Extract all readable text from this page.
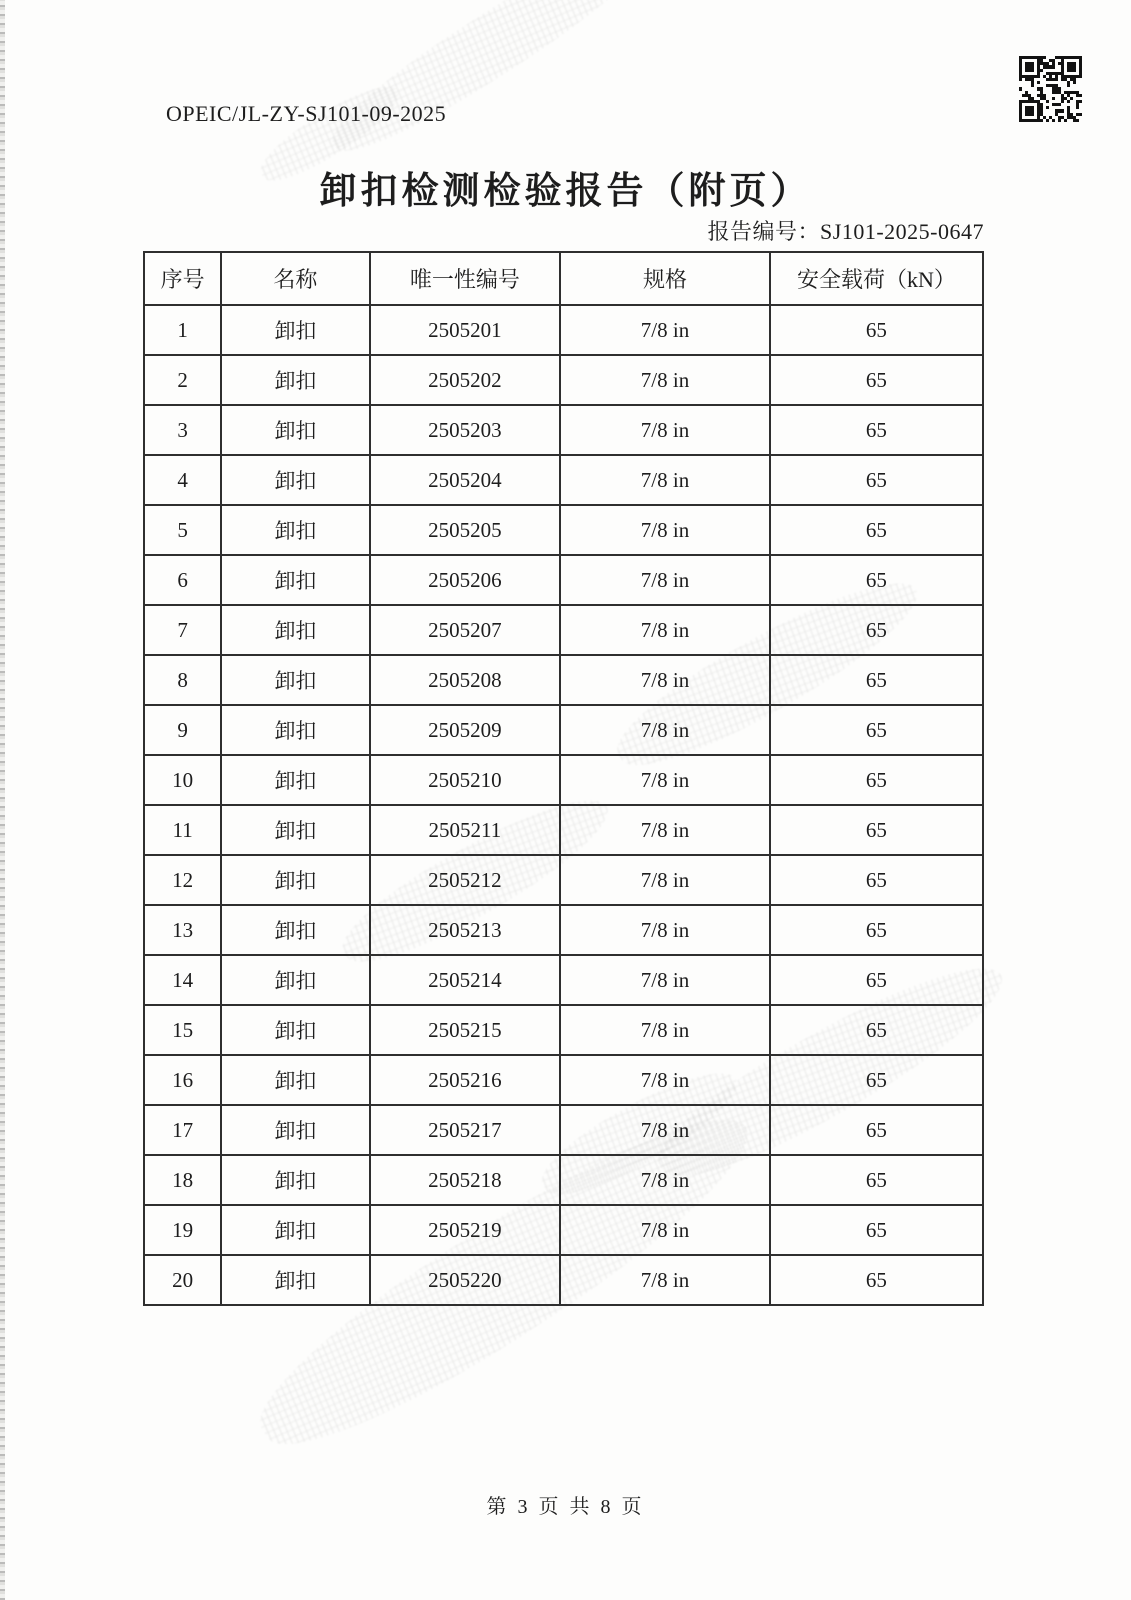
OPEIC/JL-ZY-SJ101-09-2025
卸扣检测检验报告（附页）
报告编号：SJ101-2025-0647
序号	名称	唯一性编号	规格	安全载荷（kN）
1	卸扣	2505201	7/8 in	65
2	卸扣	2505202	7/8 in	65
3	卸扣	2505203	7/8 in	65
4	卸扣	2505204	7/8 in	65
5	卸扣	2505205	7/8 in	65
6	卸扣	2505206	7/8 in	65
7	卸扣	2505207	7/8 in	65
8	卸扣	2505208	7/8 in	65
9	卸扣	2505209	7/8 in	65
10	卸扣	2505210	7/8 in	65
11	卸扣	2505211	7/8 in	65
12	卸扣	2505212	7/8 in	65
13	卸扣	2505213	7/8 in	65
14	卸扣	2505214	7/8 in	65
15	卸扣	2505215	7/8 in	65
16	卸扣	2505216	7/8 in	65
17	卸扣	2505217	7/8 in	65
18	卸扣	2505218	7/8 in	65
19	卸扣	2505219	7/8 in	65
20	卸扣	2505220	7/8 in	65
第 3 页 共 8 页
